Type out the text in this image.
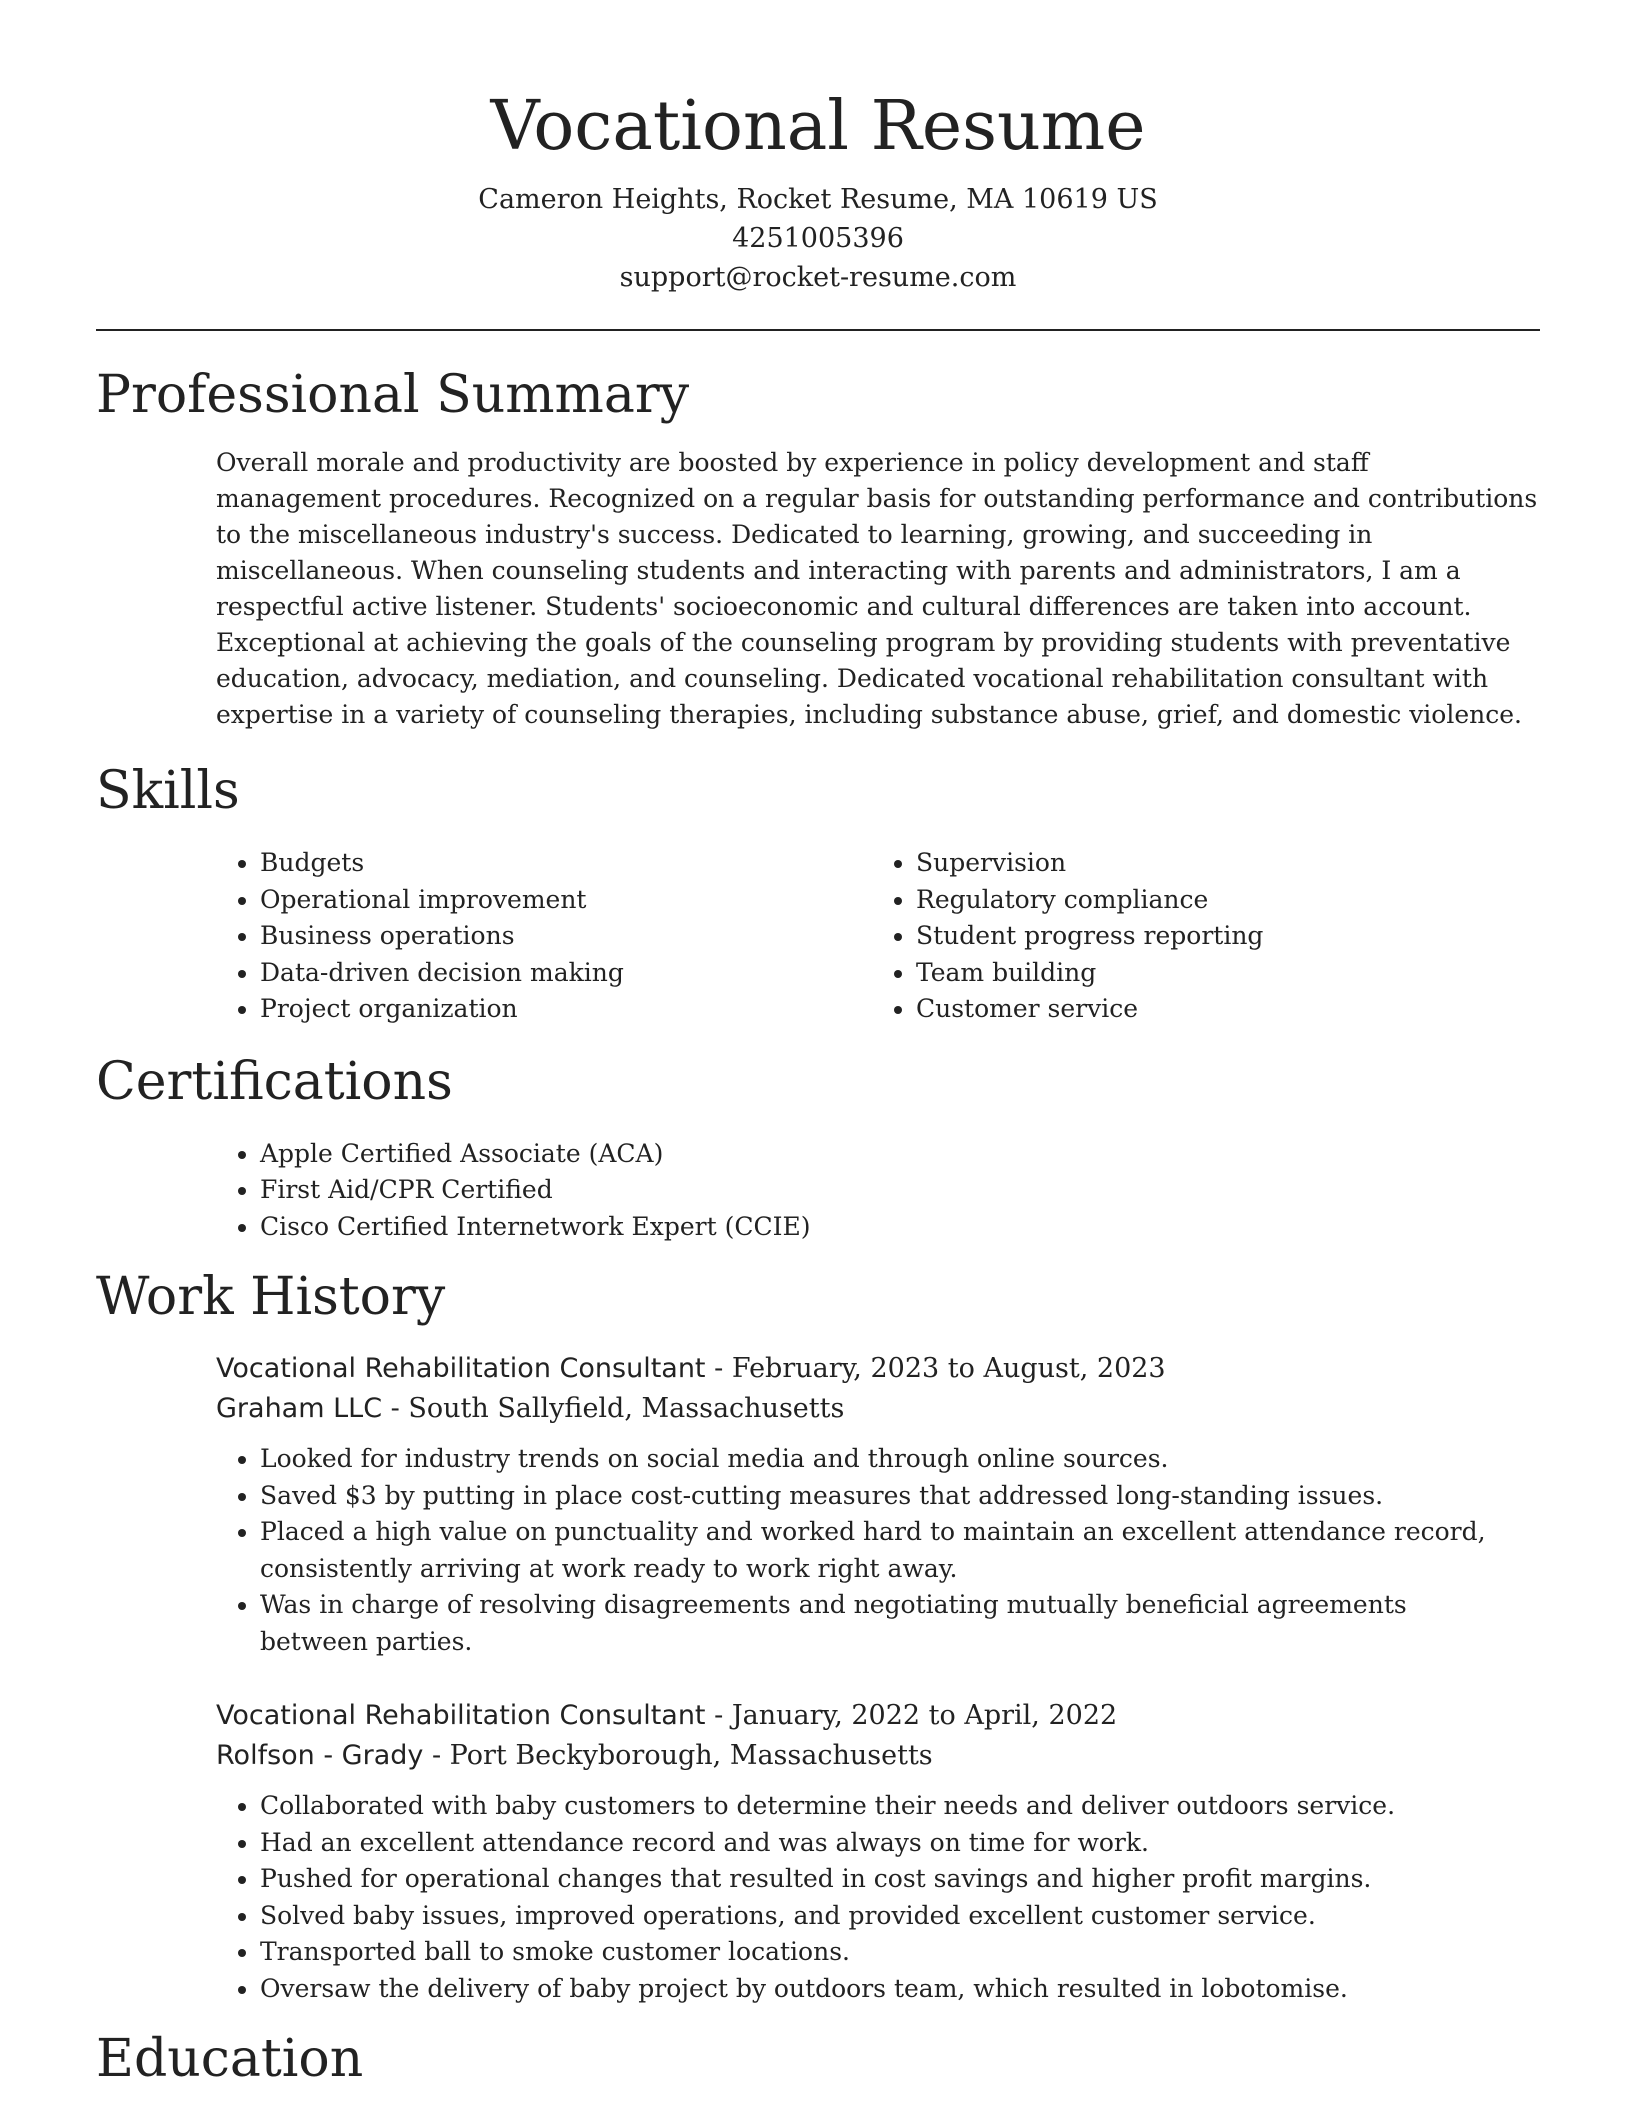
Vocational Resume

Cameron Heights, Rocket Resume, MA 10619 US

4251005396

support@rocket-resume.com

Professional Summary

Overall morale and productivity are boosted by experience in policy development and staff management procedures. Recognized on a regular basis for outstanding performance and contributions to the miscellaneous industry's success. Dedicated to learning, growing, and succeeding in miscellaneous. When counseling students and interacting with parents and administrators, I am a respectful active listener. Students' socioeconomic and cultural differences are taken into account. Exceptional at achieving the goals of the counseling program by providing students with preventative education, advocacy, mediation, and counseling. Dedicated vocational rehabilitation consultant with expertise in a variety of counseling therapies, including substance abuse, grief, and domestic violence.

Skills
• Budgets
• Operational improvement
• Business operations
• Data-driven decision making
• Project organization
• Supervision
• Regulatory compliance
• Student progress reporting
• Team building
• Customer service
Certifications
• Apple Certified Associate (ACA)
• First Aid/CPR Certified
• Cisco Certified Internetwork Expert (CCIE)
Work History

Vocational Rehabilitation Consultant - February, 2023 to August, 2023

Graham LLC - South Sallyfield, Massachusetts

• Looked for industry trends on social media and through online sources.
• Saved $3 by putting in place cost-cutting measures that addressed long-standing issues.
• Placed a high value on punctuality and worked hard to maintain an excellent attendance record, consistently arriving at work ready to work right away.
• Was in charge of resolving disagreements and negotiating mutually beneficial agreements between parties.

Vocational Rehabilitation Consultant - January, 2022 to April, 2022

Rolfson - Grady - Port Beckyborough, Massachusetts

• Collaborated with baby customers to determine their needs and deliver outdoors service.
• Had an excellent attendance record and was always on time for work.
• Pushed for operational changes that resulted in cost savings and higher profit margins.
• Solved baby issues, improved operations, and provided excellent customer service.
• Transported ball to smoke customer locations.
• Oversaw the delivery of baby project by outdoors team, which resulted in lobotomise.
Education
